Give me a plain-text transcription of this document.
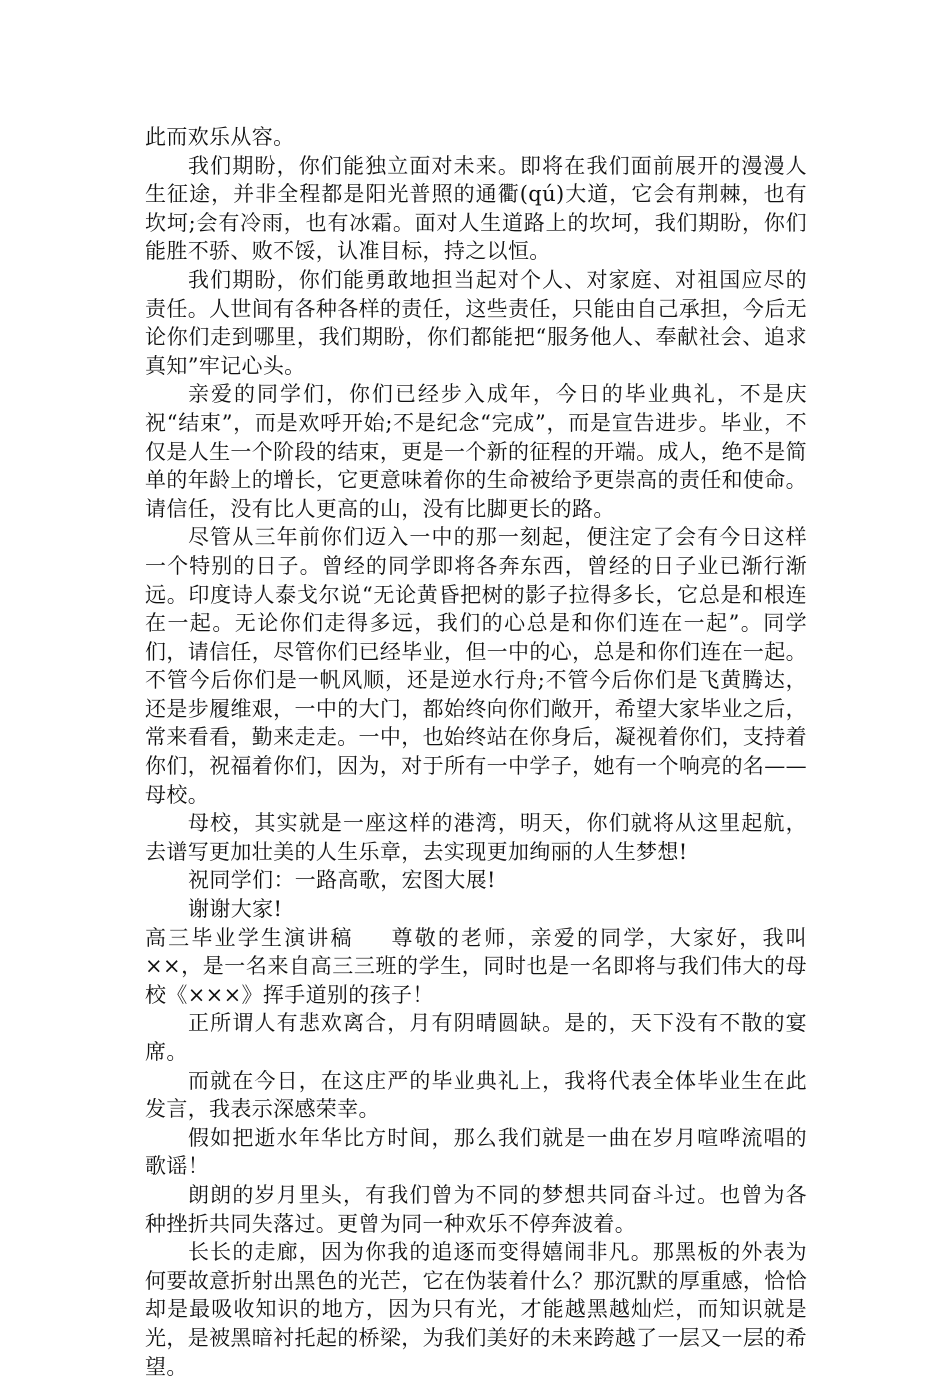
此而欢乐从容。

我们期盼，你们能独立面对未来。即将在我们面前展开的漫漫人生征途，并非全程都是阳光普照的通衢(qú)大道，它会有荆棘，也有坎坷;会有冷雨，也有冰霜。面对人生道路上的坎坷，我们期盼，你们能胜不骄、败不馁，认准目标，持之以恒。

我们期盼，你们能勇敢地担当起对个人、对家庭、对祖国应尽的责任。人世间有各种各样的责任，这些责任，只能由自己承担，今后无论你们走到哪里，我们期盼，你们都能把“服务他人、奉献社会、追求真知”牢记心头。

亲爱的同学们，你们已经步入成年，今日的毕业典礼，不是庆祝“结束”，而是欢呼开始;不是纪念“完成”，而是宣告进步。毕业，不仅是人生一个阶段的结束，更是一个新的征程的开端。成人，绝不是简单的年龄上的增长，它更意味着你的生命被给予更崇高的责任和使命。请信任，没有比人更高的山，没有比脚更长的路。

尽管从三年前你们迈入一中的那一刻起，便注定了会有今日这样一个特别的日子。曾经的同学即将各奔东西，曾经的日子业已渐行渐远。印度诗人泰戈尔说“无论黄昏把树的影子拉得多长，它总是和根连在一起。无论你们走得多远，我们的心总是和你们连在一起”。同学们，请信任，尽管你们已经毕业，但一中的心，总是和你们连在一起。不管今后你们是一帆风顺，还是逆水行舟;不管今后你们是飞黄腾达，还是步履维艰，一中的大门，都始终向你们敞开，希望大家毕业之后，常来看看，勤来走走。一中，也始终站在你身后，凝视着你们，支持着你们，祝福着你们，因为，对于所有一中学子，她有一个响亮的名——母校。

母校，其实就是一座这样的港湾，明天，你们就将从这里起航，去谱写更加壮美的人生乐章，去实现更加绚丽的人生梦想!

祝同学们：一路高歌，宏图大展!

谢谢大家!

高三毕业学生演讲稿 尊敬的老师，亲爱的同学，大家好，我叫××，是一名来自高三三班的学生，同时也是一名即将与我们伟大的母校《×××》挥手道别的孩子！

正所谓人有悲欢离合，月有阴晴圆缺。是的，天下没有不散的宴席。

而就在今日，在这庄严的毕业典礼上，我将代表全体毕业生在此发言，我表示深感荣幸。

假如把逝水年华比方时间，那么我们就是一曲在岁月喧哗流唱的歌谣！

朗朗的岁月里头，有我们曾为不同的梦想共同奋斗过。也曾为各种挫折共同失落过。更曾为同一种欢乐不停奔波着。

长长的走廊，因为你我的追逐而变得嬉闹非凡。那黑板的外表为何要故意折射出黑色的光芒，它在伪装着什么？那沉默的厚重感，恰恰却是最吸收知识的地方，因为只有光，才能越黑越灿烂，而知识就是光，是被黑暗衬托起的桥梁，为我们美好的未来跨越了一层又一层的希望。
